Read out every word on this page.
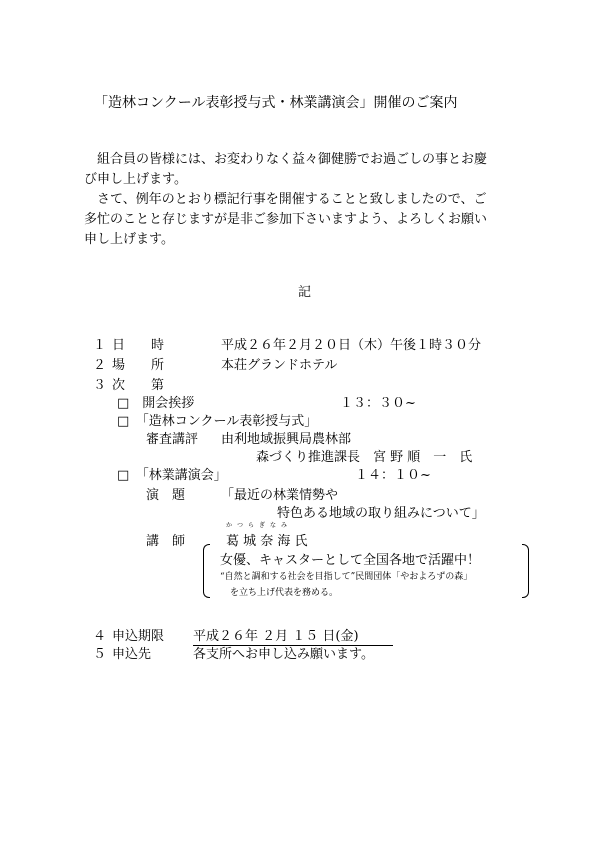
「造林コンクール表彰授与式・林業講演会」開催のご案内
　組合員の皆様には、お変わりなく益々御健勝でお過ごしの事とお慶
び申し上げます。
　さて、例年のとおり標記行事を開催することと致しましたので、ご
多忙のことと存じますが是非ご参加下さいますよう、よろしくお願い
申し上げます。
記
１ 日　　時	平成２６年２月２０日（木）午後１時３０分
２ 場　　所	本荘グランドホテル
３ 次　　第
□　開会挨拶	１３：３０~
□　「造林コンクール表彰授与式」
審査講評 由利地域振興局農林部
森づくり推進課長　宮 野 順　一　氏
□　「林業講演会」	１４：１０~
演　題	「最近の林業情勢や
特色ある地域の取り組みについて」
講　師
かつらぎなみ
葛 城 奈 海 氏
女優、キャスターとして全国各地で活躍中！
“自然と調和する社会を目指して”民間団体「やおよろずの森」
を立ち上げ代表を務める。
４ 申込期限 平成２６年 ２月 １５ 日(金)
５ 申込先	各支所へお申し込み願います。
